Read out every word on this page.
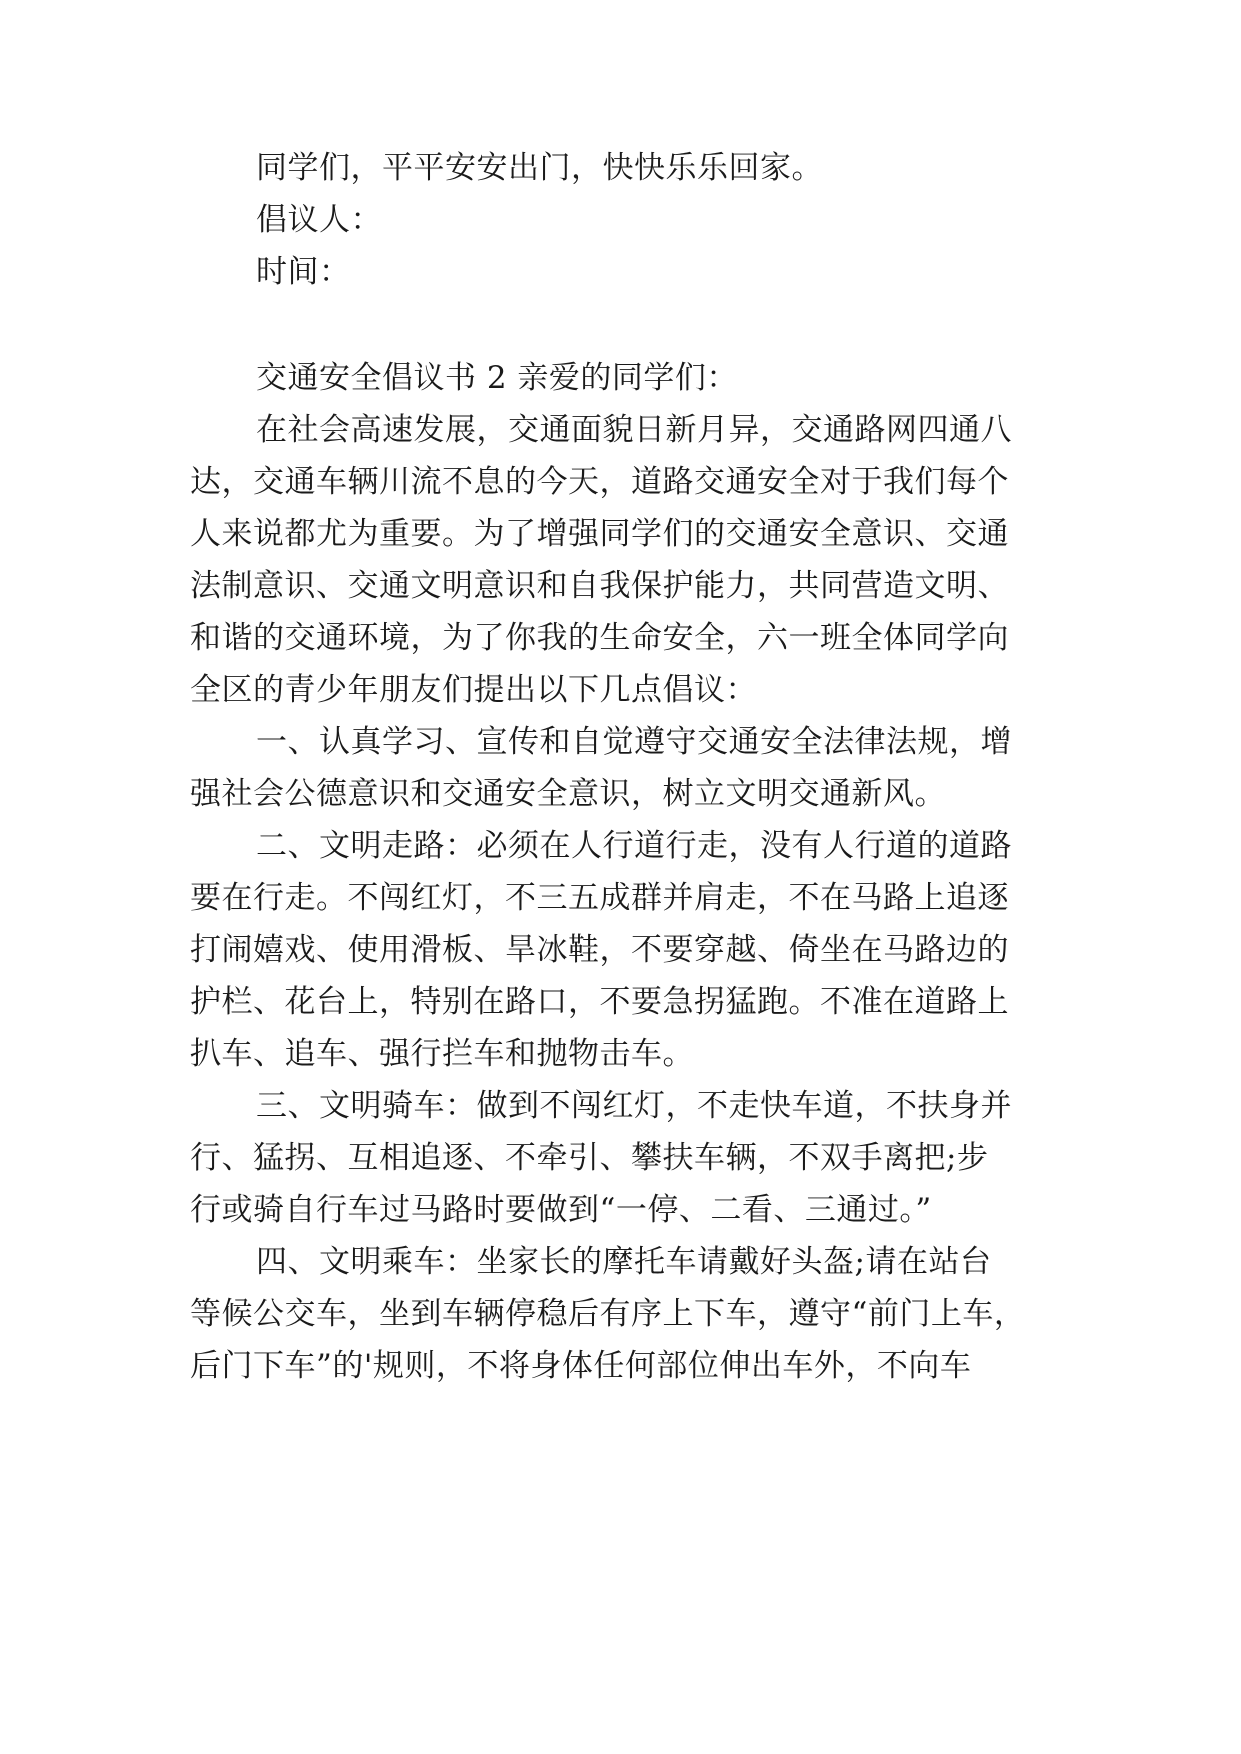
同学们，平平安安出门，快快乐乐回家。

倡议人：

时间：

交通安全倡议书 2 亲爱的同学们：

在社会高速发展，交通面貌日新月异，交通路网四通八

达，交通车辆川流不息的今天，道路交通安全对于我们每个

人来说都尤为重要。为了增强同学们的交通安全意识、交通

法制意识、交通文明意识和自我保护能力，共同营造文明、

和谐的交通环境，为了你我的生命安全，六一班全体同学向

全区的青少年朋友们提出以下几点倡议：

一、认真学习、宣传和自觉遵守交通安全法律法规，增

强社会公德意识和交通安全意识，树立文明交通新风。

二、文明走路：必须在人行道行走，没有人行道的道路

要在行走。不闯红灯，不三五成群并肩走，不在马路上追逐

打闹嬉戏、使用滑板、旱冰鞋，不要穿越、倚坐在马路边的

护栏、花台上，特别在路口，不要急拐猛跑。不准在道路上

扒车、追车、强行拦车和抛物击车。

三、文明骑车：做到不闯红灯，不走快车道，不扶身并

行、猛拐、互相追逐、不牵引、攀扶车辆，不双手离把;步

行或骑自行车过马路时要做到“一停、二看、三通过。”

四、文明乘车：坐家长的摩托车请戴好头盔;请在站台

等候公交车，坐到车辆停稳后有序上下车，遵守“前门上车，

后门下车”的'规则，不将身体任何部位伸出车外，不向车
